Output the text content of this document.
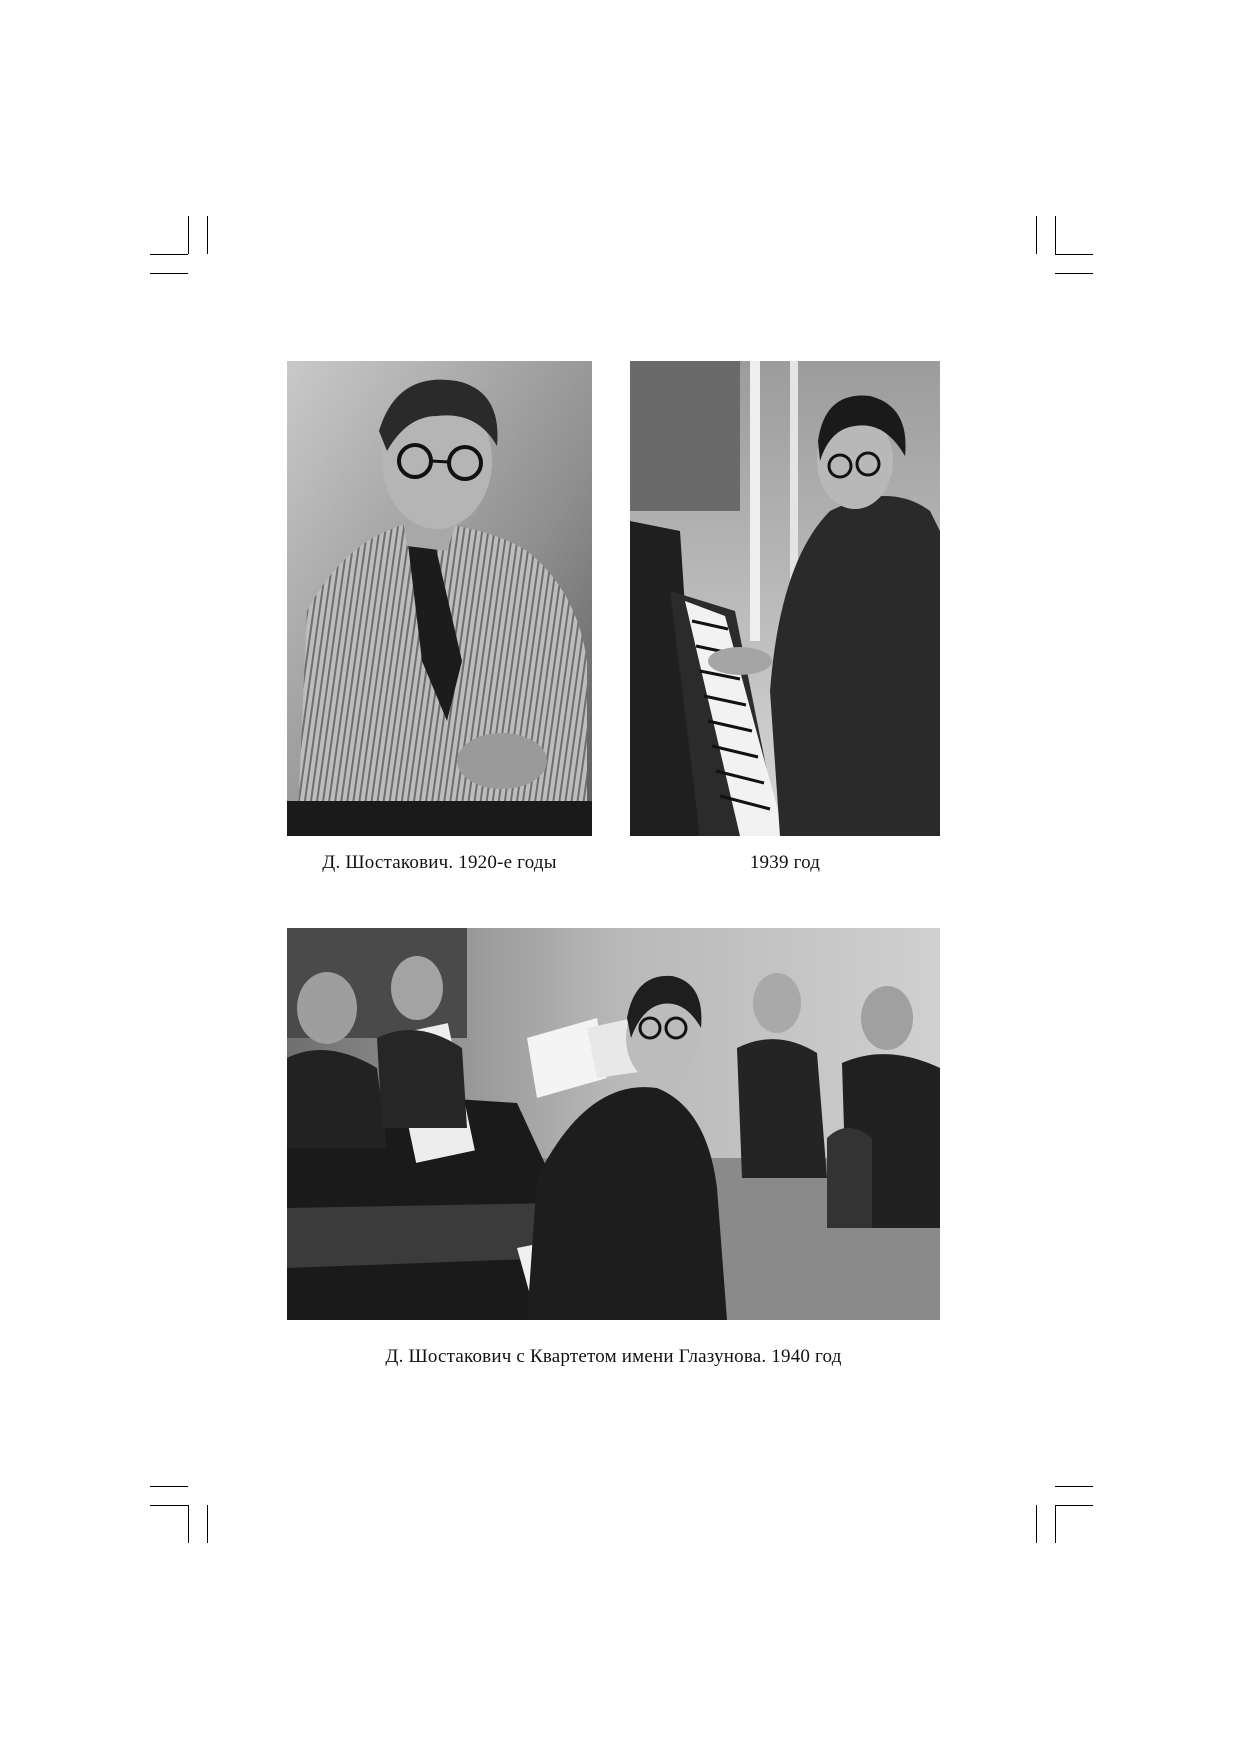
Д. Шостакович. 1920-е годы	1939 год
Д. Шостакович с Квартетом имени Глазунова. 1940 год
